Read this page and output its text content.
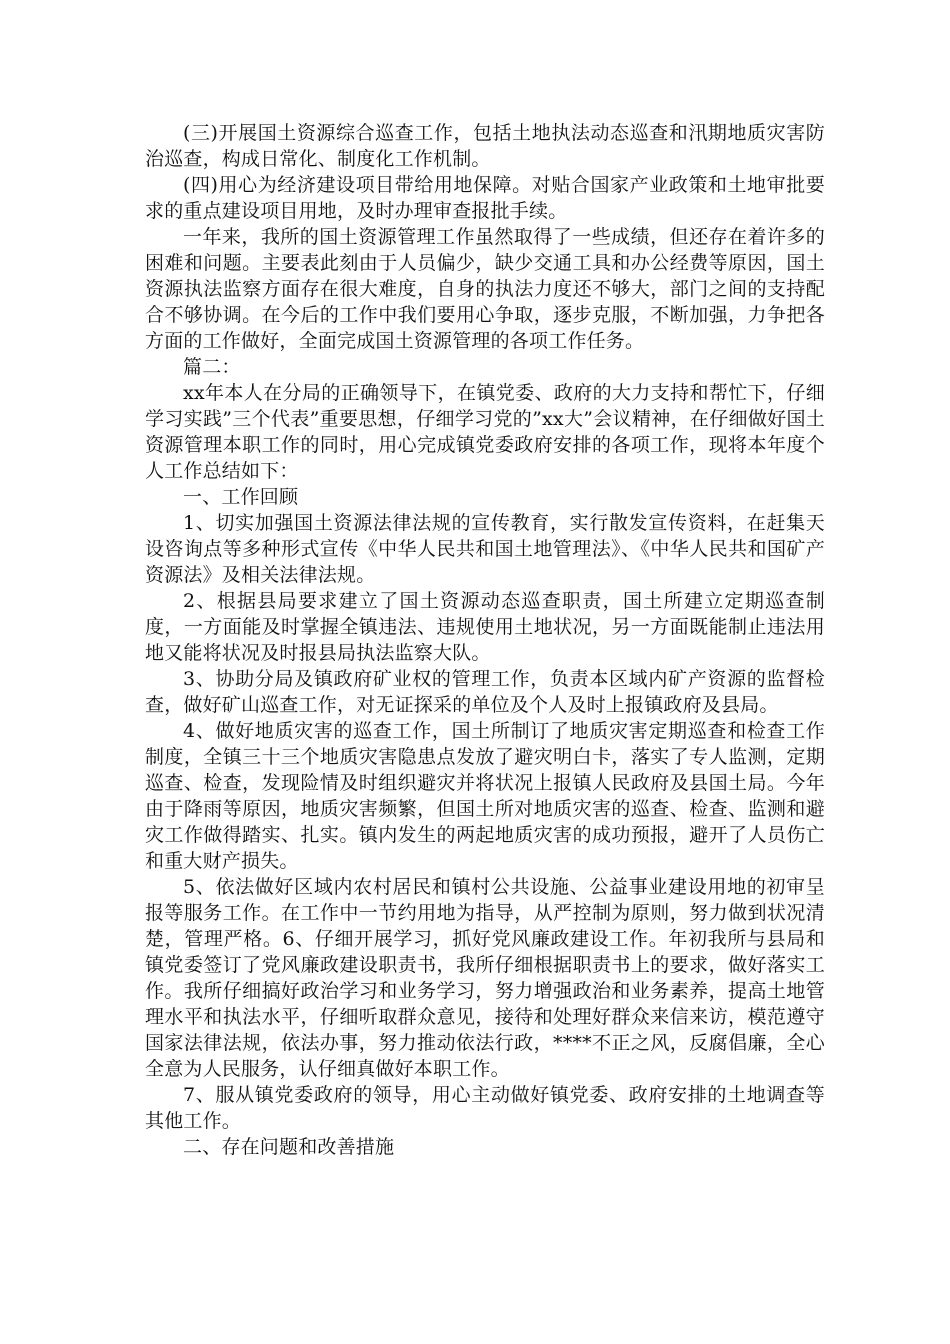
(三)开展国土资源综合巡查工作，包括土地执法动态巡查和汛期地质灾害防治巡查，构成日常化、制度化工作机制。

(四)用心为经济建设项目带给用地保障。对贴合国家产业政策和土地审批要求的重点建设项目用地，及时办理审查报批手续。

一年来，我所的国土资源管理工作虽然取得了一些成绩，但还存在着许多的困难和问题。主要表此刻由于人员偏少，缺少交通工具和办公经费等原因，国土资源执法监察方面存在很大难度，自身的执法力度还不够大，部门之间的支持配合不够协调。在今后的工作中我们要用心争取，逐步克服，不断加强，力争把各方面的工作做好，全面完成国土资源管理的各项工作任务。

篇二：

xx年本人在分局的正确领导下，在镇党委、政府的大力支持和帮忙下，仔细学习实践”三个代表”重要思想，仔细学习党的”xx大”会议精神，在仔细做好国土资源管理本职工作的同时，用心完成镇党委政府安排的各项工作，现将本年度个人工作总结如下：

一、工作回顾

1、切实加强国土资源法律法规的宣传教育，实行散发宣传资料，在赶集天设咨询点等多种形式宣传《中华人民共和国土地管理法》、《中华人民共和国矿产资源法》及相关法律法规。

2、根据县局要求建立了国土资源动态巡查职责，国土所建立定期巡查制度，一方面能及时掌握全镇违法、违规使用土地状况，另一方面既能制止违法用地又能将状况及时报县局执法监察大队。

3、协助分局及镇政府矿业权的管理工作，负责本区域内矿产资源的监督检查，做好矿山巡查工作，对无证探采的单位及个人及时上报镇政府及县局。

4、做好地质灾害的巡查工作，国土所制订了地质灾害定期巡查和检查工作制度，全镇三十三个地质灾害隐患点发放了避灾明白卡，落实了专人监测，定期巡查、检查，发现险情及时组织避灾并将状况上报镇人民政府及县国土局。今年由于降雨等原因，地质灾害频繁，但国土所对地质灾害的巡查、检查、监测和避灾工作做得踏实、扎实。镇内发生的两起地质灾害的成功预报，避开了人员伤亡和重大财产损失。

5、依法做好区域内农村居民和镇村公共设施、公益事业建设用地的初审呈报等服务工作。在工作中一节约用地为指导，从严控制为原则，努力做到状况清楚，管理严格。6、仔细开展学习，抓好党风廉政建设工作。年初我所与县局和镇党委签订了党风廉政建设职责书，我所仔细根据职责书上的要求，做好落实工作。我所仔细搞好政治学习和业务学习，努力增强政治和业务素养，提高土地管理水平和执法水平，仔细听取群众意见，接待和处理好群众来信来访，模范遵守国家法律法规，依法办事，努力推动依法行政，****不正之风，反腐倡廉，全心全意为人民服务，认仔细真做好本职工作。

7、服从镇党委政府的领导，用心主动做好镇党委、政府安排的土地调查等其他工作。

二、存在问题和改善措施
